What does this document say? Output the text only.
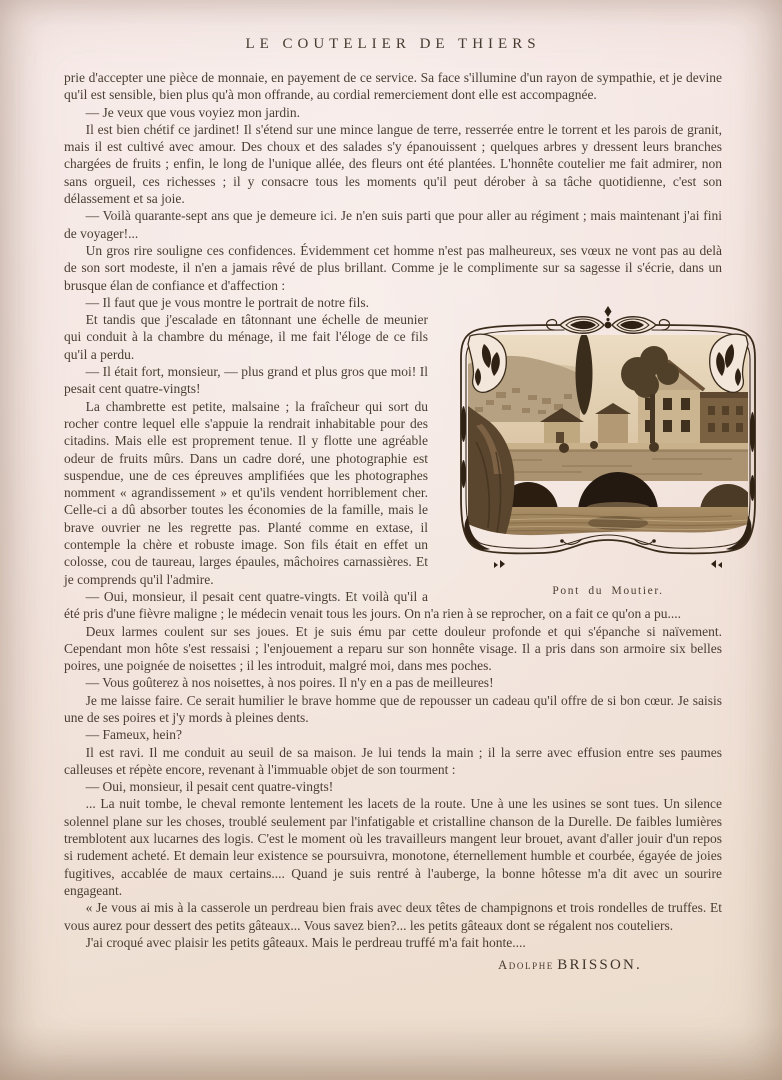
LE COUTELIER DE THIERS

prie d'accepter une pièce de monnaie, en payement de ce service. Sa face s'illumine d'un rayon de sympathie, et je devine qu'il est sensible, bien plus qu'à mon offrande, au cordial remerciement dont elle est accompagnée.

— Je veux que vous voyiez mon jardin.

Il est bien chétif ce jardinet! Il s'étend sur une mince langue de terre, resserrée entre le torrent et les parois de granit, mais il est cultivé avec amour. Des choux et des salades s'y épanouissent ; quelques arbres y dressent leurs branches chargées de fruits ; enfin, le long de l'unique allée, des fleurs ont été plantées. L'honnête coutelier me fait admirer, non sans orgueil, ces richesses ; il y consacre tous les moments qu'il peut dérober à sa tâche quotidienne, c'est son délassement et sa joie.

— Voilà quarante-sept ans que je demeure ici. Je n'en suis parti que pour aller au régiment ; mais maintenant j'ai fini de voyager!...

Un gros rire souligne ces confidences. Évidemment cet homme n'est pas malheureux, ses vœux ne vont pas au delà de son sort modeste, il n'en a jamais rêvé de plus brillant. Comme je le complimente sur sa sagesse il s'écrie, dans un brusque élan de confiance et d'affection :

Pont du Moutier.

— Il faut que je vous montre le portrait de notre fils.

Et tandis que j'escalade en tâtonnant une échelle de meunier qui conduit à la chambre du ménage, il me fait l'éloge de ce fils qu'il a perdu.

— Il était fort, monsieur, — plus grand et plus gros que moi! Il pesait cent quatre-vingts!

La chambrette est petite, malsaine ; la fraîcheur qui sort du rocher contre lequel elle s'appuie la rendrait inhabitable pour des citadins. Mais elle est proprement tenue. Il y flotte une agréable odeur de fruits mûrs. Dans un cadre doré, une photographie est suspendue, une de ces épreuves amplifiées que les photographes nomment « agrandissement » et qu'ils vendent horriblement cher. Celle-ci a dû absorber toutes les économies de la famille, mais le brave ouvrier ne les regrette pas. Planté comme en extase, il contemple la chère et robuste image. Son fils était en effet un colosse, cou de taureau, larges épaules, mâchoires carnassières. Et je comprends qu'il l'admire.

— Oui, monsieur, il pesait cent quatre-vingts. Et voilà qu'il a été pris d'une fièvre maligne ; le médecin venait tous les jours. On n'a rien à se reprocher, on a fait ce qu'on a pu....

Deux larmes coulent sur ses joues. Et je suis ému par cette douleur profonde et qui s'épanche si naïvement. Cependant mon hôte s'est ressaisi ; l'enjouement a reparu sur son honnête visage. Il a pris dans son armoire six belles poires, une poignée de noisettes ; il les introduit, malgré moi, dans mes poches.

— Vous goûterez à nos noisettes, à nos poires. Il n'y en a pas de meilleures!

Je me laisse faire. Ce serait humilier le brave homme que de repousser un cadeau qu'il offre de si bon cœur. Je saisis une de ses poires et j'y mords à pleines dents.

— Fameux, hein?

Il est ravi. Il me conduit au seuil de sa maison. Je lui tends la main ; il la serre avec effusion entre ses paumes calleuses et répète encore, revenant à l'immuable objet de son tourment :

— Oui, monsieur, il pesait cent quatre-vingts!

... La nuit tombe, le cheval remonte lentement les lacets de la route. Une à une les usines se sont tues. Un silence solennel plane sur les choses, troublé seulement par l'infatigable et cristalline chanson de la Durelle. De faibles lumières tremblotent aux lucarnes des logis. C'est le moment où les travailleurs mangent leur brouet, avant d'aller jouir d'un repos si rudement acheté. Et demain leur existence se poursuivra, monotone, éternellement humble et courbée, égayée de joies fugitives, accablée de maux certains.... Quand je suis rentré à l'auberge, la bonne hôtesse m'a dit avec un sourire engageant.

« Je vous ai mis à la casserole un perdreau bien frais avec deux têtes de champignons et trois rondelles de truffes. Et vous aurez pour dessert des petits gâteaux... Vous savez bien?... les petits gâteaux dont se régalent nos couteliers.

J'ai croqué avec plaisir les petits gâteaux. Mais le perdreau truffé m'a fait honte....

Adolphe BRISSON.
